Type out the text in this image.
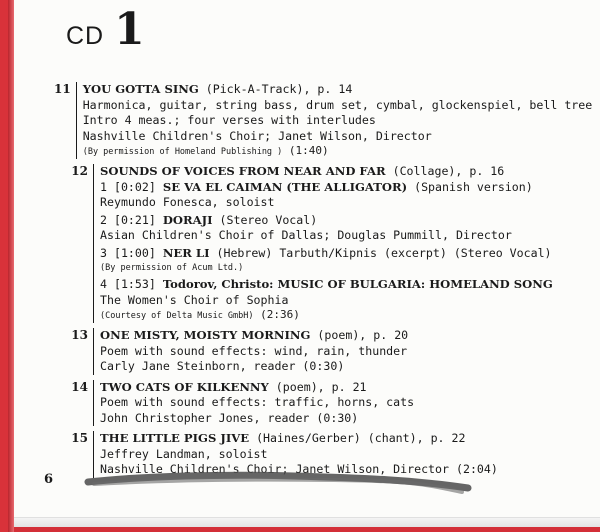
CD 1
11	YOU GOTTA SING (Pick-A-Track), p. 14
Harmonica, guitar, string bass, drum set, cymbal, glockenspiel, bell tree
Intro 4 meas.; four verses with interludes
Nashville Children's Choir; Janet Wilson, Director
(By permission of Homeland Publishing ) (1:40)
12	SOUNDS OF VOICES FROM NEAR AND FAR (Collage), p. 16
1 [0:02] SE VA EL CAIMAN (THE ALLIGATOR) (Spanish version)
Reymundo Fonesca, soloist
2 [0:21] DORAJI (Stereo Vocal)
Asian Children's Choir of Dallas; Douglas Pummill, Director
3 [1:00] NER LI (Hebrew) Tarbuth/Kipnis (excerpt) (Stereo Vocal)
(By permission of Acum Ltd.)
4 [1:53] Todorov, Christo: MUSIC OF BULGARIA: HOMELAND SONG
The Women's Choir of Sophia
(Courtesy of Delta Music GmbH) (2:36)
13	ONE MISTY, MOISTY MORNING (poem), p. 20
Poem with sound effects: wind, rain, thunder
Carly Jane Steinborn, reader (0:30)
14	TWO CATS OF KILKENNY (poem), p. 21
Poem with sound effects: traffic, horns, cats
John Christopher Jones, reader (0:30)
15	THE LITTLE PIGS JIVE (Haines/Gerber) (chant), p. 22
Jeffrey Landman, soloist
Nashville Children's Choir; Janet Wilson, Director (2:04)
6
